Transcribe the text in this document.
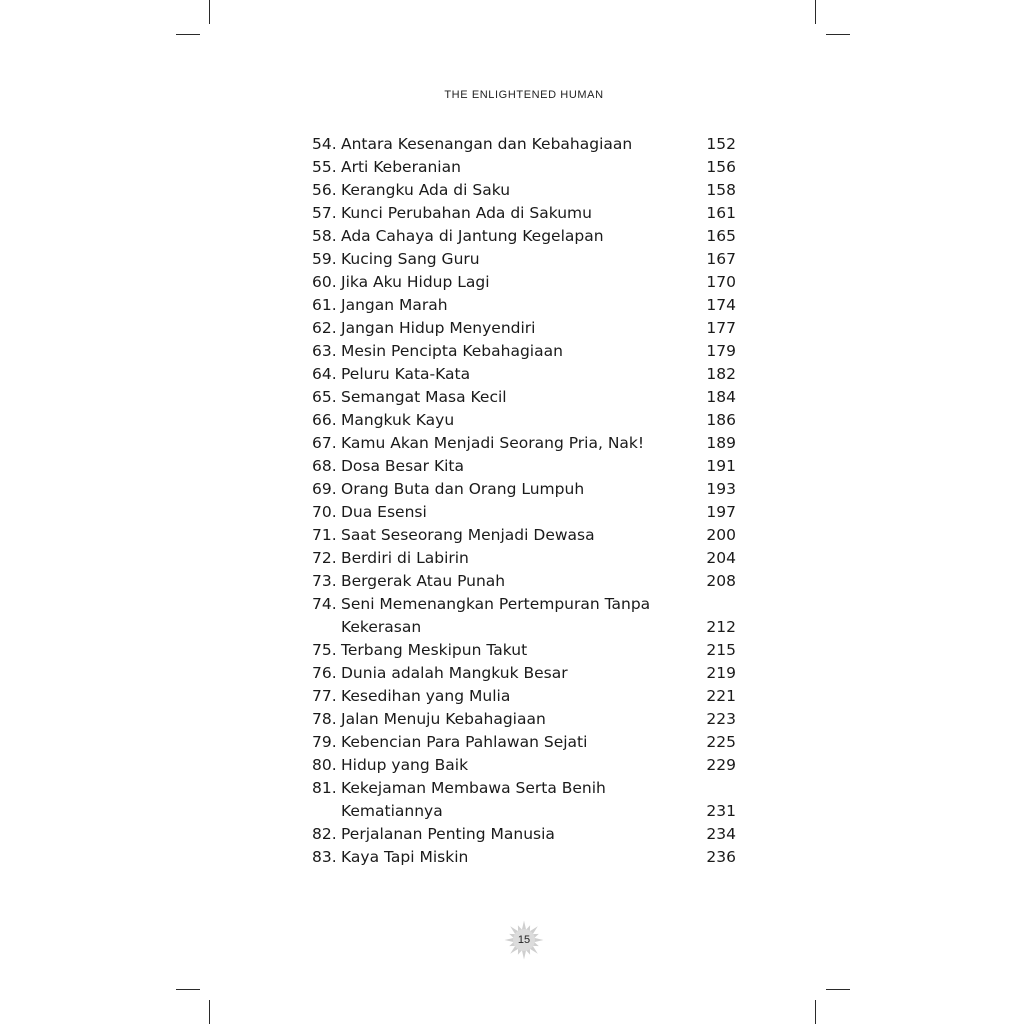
THE ENLIGHTENED HUMAN
54. Antara Kesenangan dan Kebahagiaan	152
55. Arti Keberanian	156
56. Kerangku Ada di Saku	158
57. Kunci Perubahan Ada di Sakumu	161
58. Ada Cahaya di Jantung Kegelapan	165
59. Kucing Sang Guru	167
60. Jika Aku Hidup Lagi	170
61. Jangan Marah	174
62. Jangan Hidup Menyendiri	177
63. Mesin Pencipta Kebahagiaan	179
64. Peluru Kata-Kata	182
65. Semangat Masa Kecil	184
66. Mangkuk Kayu	186
67. Kamu Akan Menjadi Seorang Pria, Nak!	189
68. Dosa Besar Kita	191
69. Orang Buta dan Orang Lumpuh	193
70. Dua Esensi	197
71. Saat Seseorang Menjadi Dewasa	200
72. Berdiri di Labirin	204
73. Bergerak Atau Punah	208
74. Seni Memenangkan Pertempuran Tanpa
Kekerasan	212
75. Terbang Meskipun Takut	215
76. Dunia adalah Mangkuk Besar	219
77. Kesedihan yang Mulia	221
78. Jalan Menuju Kebahagiaan	223
79. Kebencian Para Pahlawan Sejati	225
80. Hidup yang Baik	229
81. Kekejaman Membawa Serta Benih
Kematiannya	231
82. Perjalanan Penting Manusia	234
83. Kaya Tapi Miskin	236
15
